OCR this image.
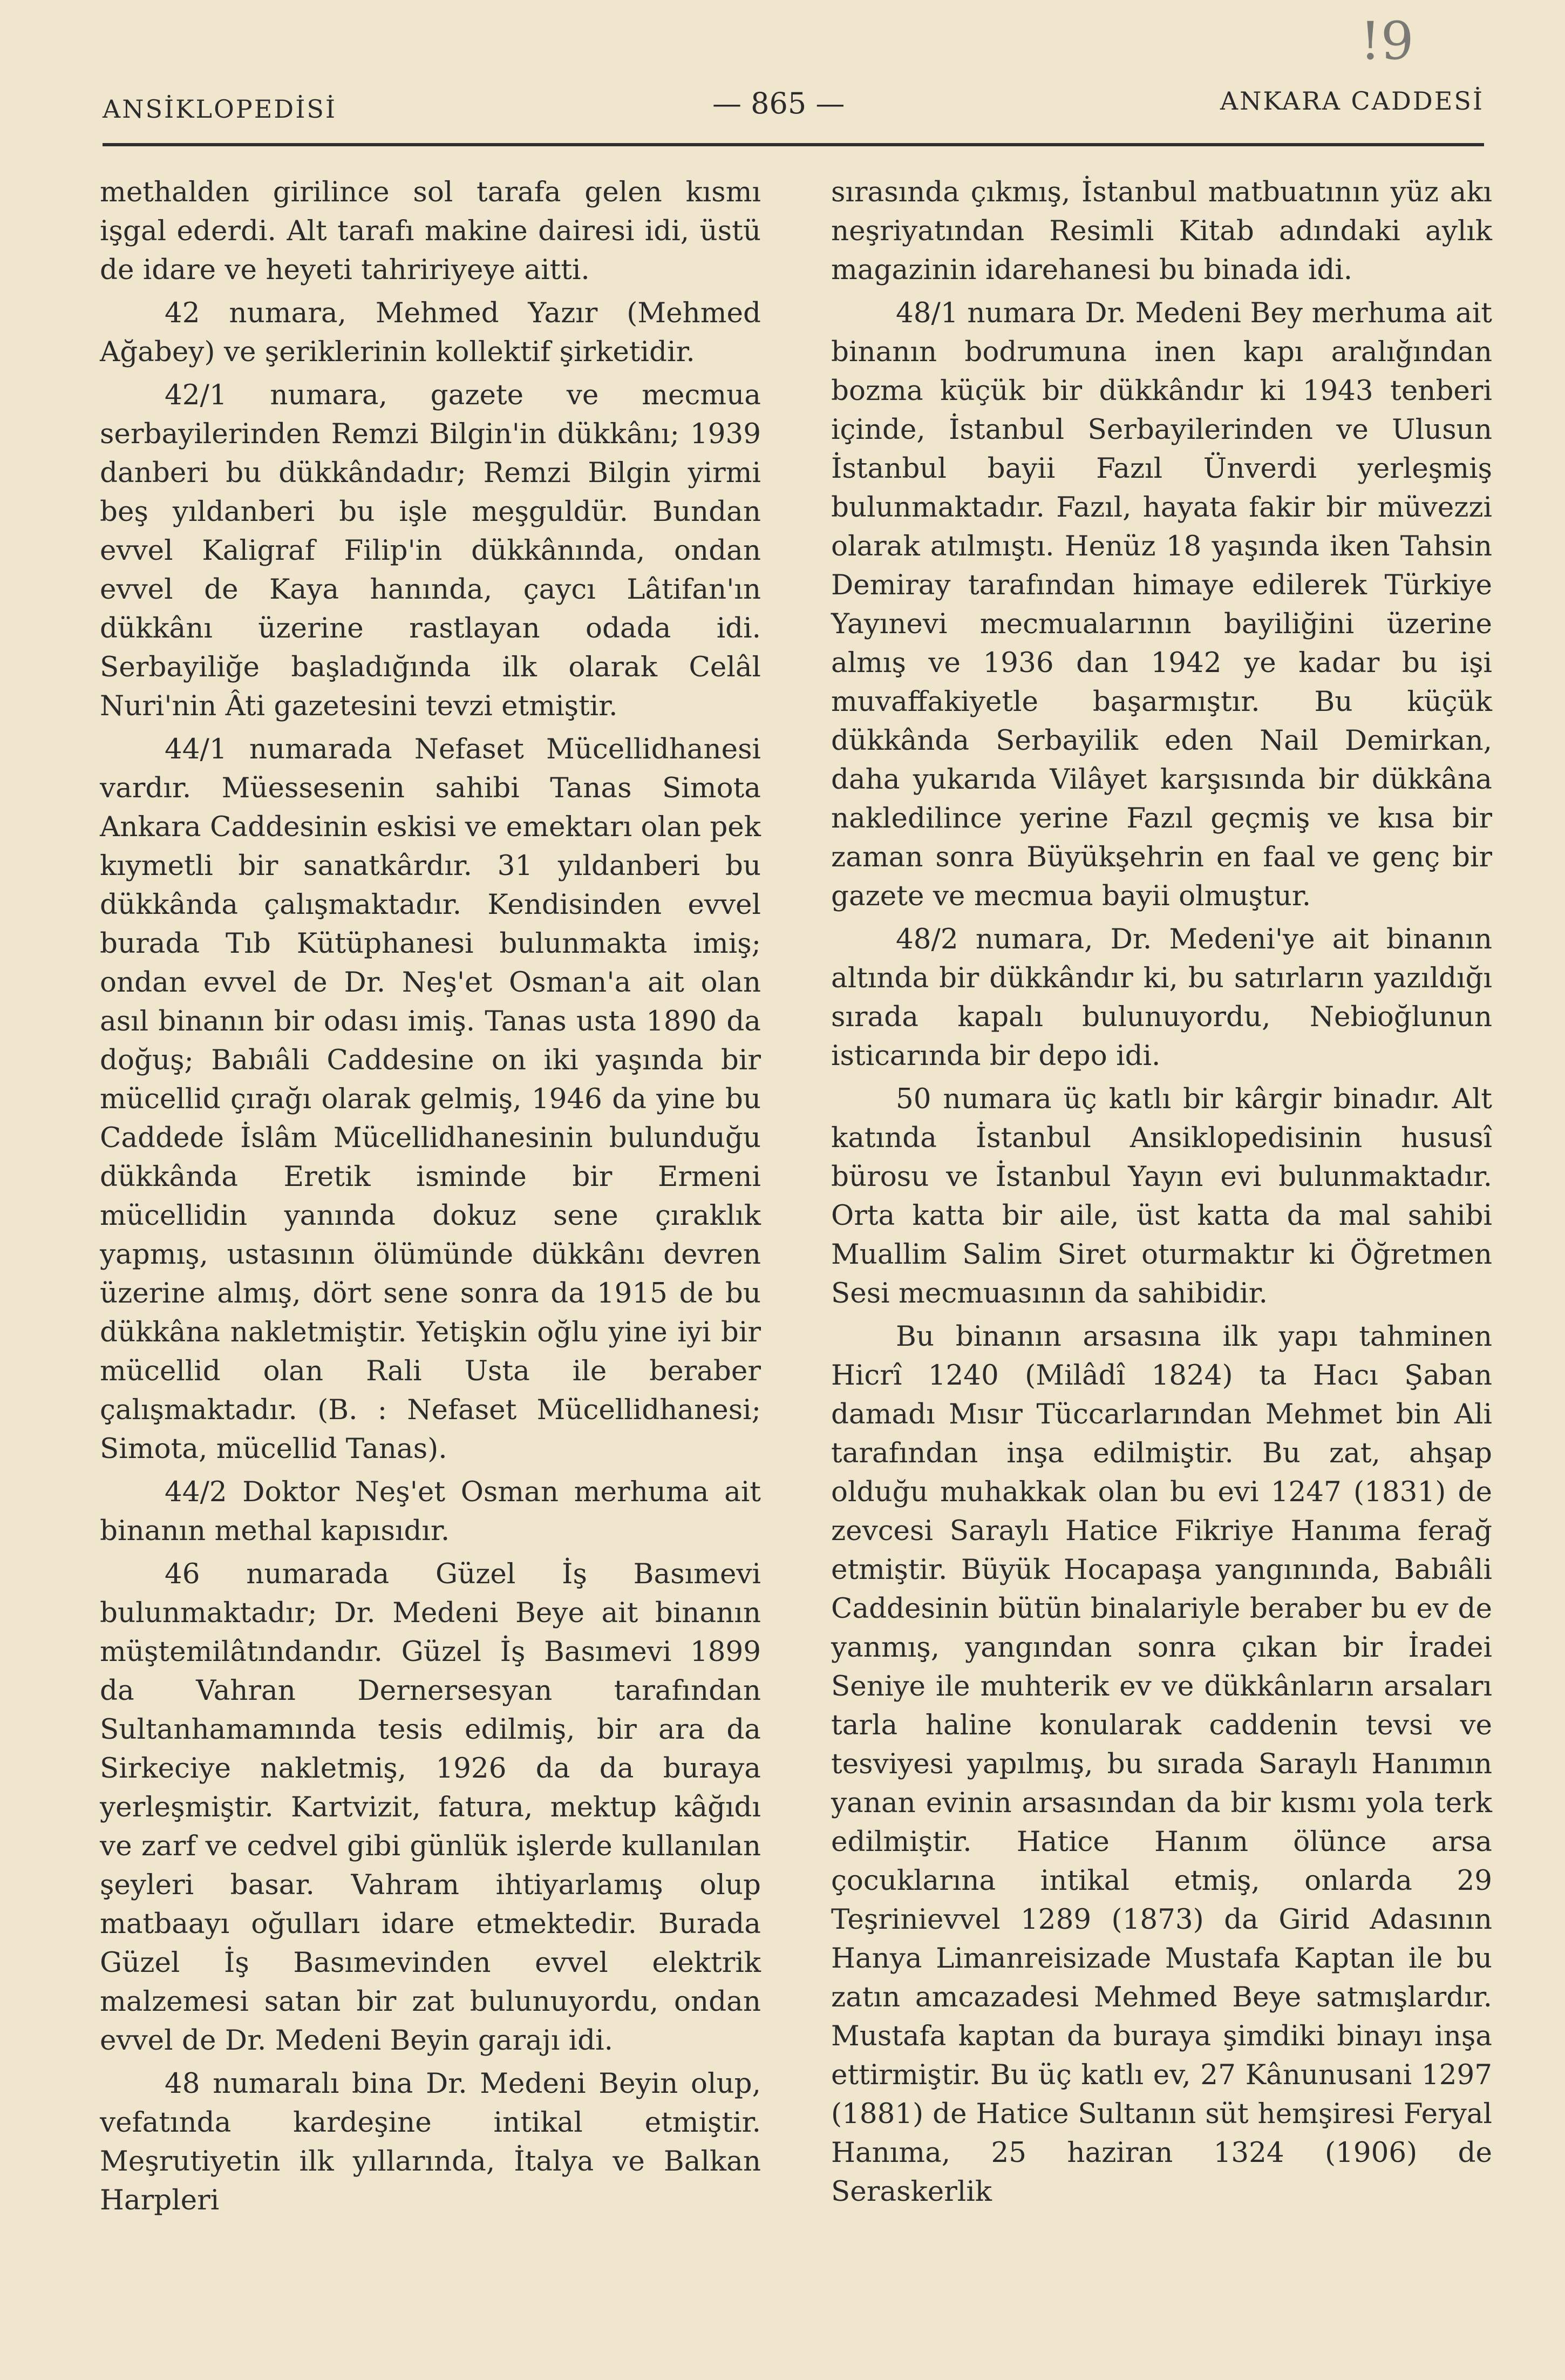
!9
ANSİKLOPEDİSİ	— 865 —	ANKARA CADDESİ

methalden girilince sol tarafa gelen kısmı işgal ederdi. Alt tarafı makine dairesi idi, üstü de idare ve heyeti tahririyeye aitti.

42 numara, Mehmed Yazır (Mehmed Ağabey) ve şeriklerinin kollektif şirketidir.

42/1 numara, gazete ve mecmua serbayilerinden Remzi Bilgin'in dükkânı; 1939 danberi bu dükkândadır; Remzi Bilgin yirmi beş yıldanberi bu işle meşguldür. Bundan evvel Kaligraf Filip'in dükkânında, ondan evvel de Kaya hanında, çaycı Lâtifan'ın dükkânı üzerine rastlayan odada idi. Serbayiliğe başladığında ilk olarak Celâl Nuri'nin Âti gazetesini tevzi etmiştir.

44/1 numarada Nefaset Mücellidhanesi vardır. Müessesenin sahibi Tanas Simota Ankara Caddesinin eskisi ve emektarı olan pek kıymetli bir sanatkârdır. 31 yıldanberi bu dükkânda çalışmaktadır. Kendisinden evvel burada Tıb Kütüphanesi bulunmakta imiş; ondan evvel de Dr. Neş'et Osman'a ait olan asıl binanın bir odası imiş. Tanas usta 1890 da doğuş; Babıâli Caddesine on iki yaşında bir mücellid çırağı olarak gelmiş, 1946 da yine bu Caddede İslâm Mücellidhanesinin bulunduğu dükkânda Eretik isminde bir Ermeni mücellidin yanında dokuz sene çıraklık yapmış, ustasının ölümünde dükkânı devren üzerine almış, dört sene sonra da 1915 de bu dükkâna nakletmiştir. Yetişkin oğlu yine iyi bir mücellid olan Rali Usta ile beraber çalışmaktadır. (B. : Nefaset Mücellidhanesi; Simota, mücellid Tanas).

44/2 Doktor Neş'et Osman merhuma ait binanın methal kapısıdır.

46 numarada Güzel İş Basımevi bulunmaktadır; Dr. Medeni Beye ait binanın müştemilâtındandır. Güzel İş Basımevi 1899 da Vahran Dernersesyan tarafından Sultanhamamında tesis edilmiş, bir ara da Sirkeciye nakletmiş, 1926 da da buraya yerleşmiştir. Kartvizit, fatura, mektup kâğıdı ve zarf ve cedvel gibi günlük işlerde kullanılan şeyleri basar. Vahram ihtiyarlamış olup matbaayı oğulları idare etmektedir. Burada Güzel İş Basımevinden evvel elektrik malzemesi satan bir zat bulunuyordu, ondan evvel de Dr. Medeni Beyin garajı idi.

48 numaralı bina Dr. Medeni Beyin olup, vefatında kardeşine intikal etmiştir. Meşrutiyetin ilk yıllarında, İtalya ve Balkan Harpleri

sırasında çıkmış, İstanbul matbuatının yüz akı neşriyatından Resimli Kitab adındaki aylık magazinin idarehanesi bu binada idi.

48/1 numara Dr. Medeni Bey merhuma ait binanın bodrumuna inen kapı aralığından bozma küçük bir dükkândır ki 1943 tenberi içinde, İstanbul Serbayilerinden ve Ulusun İstanbul bayii Fazıl Ünverdi yerleşmiş bulunmaktadır. Fazıl, hayata fakir bir müvezzi olarak atılmıştı. Henüz 18 yaşında iken Tahsin Demiray tarafından himaye edilerek Türkiye Yayınevi mecmualarının bayiliğini üzerine almış ve 1936 dan 1942 ye kadar bu işi muvaffakiyetle başarmıştır. Bu küçük dükkânda Serbayilik eden Nail Demirkan, daha yukarıda Vilâyet karşısında bir dükkâna nakledilince yerine Fazıl geçmiş ve kısa bir zaman sonra Büyükşehrin en faal ve genç bir gazete ve mecmua bayii olmuştur.

48/2 numara, Dr. Medeni'ye ait binanın altında bir dükkândır ki, bu satırların yazıldığı sırada kapalı bulunuyordu, Nebioğlunun isticarında bir depo idi.

50 numara üç katlı bir kârgir binadır. Alt katında İstanbul Ansiklopedisinin hususî bürosu ve İstanbul Yayın evi bulunmaktadır. Orta katta bir aile, üst katta da mal sahibi Muallim Salim Siret oturmaktır ki Öğretmen Sesi mecmuasının da sahibidir.

Bu binanın arsasına ilk yapı tahminen Hicrî 1240 (Milâdî 1824) ta Hacı Şaban damadı Mısır Tüccarlarından Mehmet bin Ali tarafından inşa edilmiştir. Bu zat, ahşap olduğu muhakkak olan bu evi 1247 (1831) de zevcesi Saraylı Hatice Fikriye Hanıma ferağ etmiştir. Büyük Hocapaşa yangınında, Babıâli Caddesinin bütün binalariyle beraber bu ev de yanmış, yangından sonra çıkan bir İradei Seniye ile muhterik ev ve dükkânların arsaları tarla haline konularak caddenin tevsi ve tesviyesi yapılmış, bu sırada Saraylı Hanımın yanan evinin arsasından da bir kısmı yola terk edilmiştir. Hatice Hanım ölünce arsa çocuklarına intikal etmiş, onlarda 29 Teşrinievvel 1289 (1873) da Girid Adasının Hanya Limanreisizade Mustafa Kaptan ile bu zatın amcazadesi Mehmed Beye satmışlardır. Mustafa kaptan da buraya şimdiki binayı inşa ettirmiştir. Bu üç katlı ev, 27 Kânunusani 1297 (1881) de Hatice Sultanın süt hemşiresi Feryal Hanıma, 25 haziran 1324 (1906) de Seraskerlik
